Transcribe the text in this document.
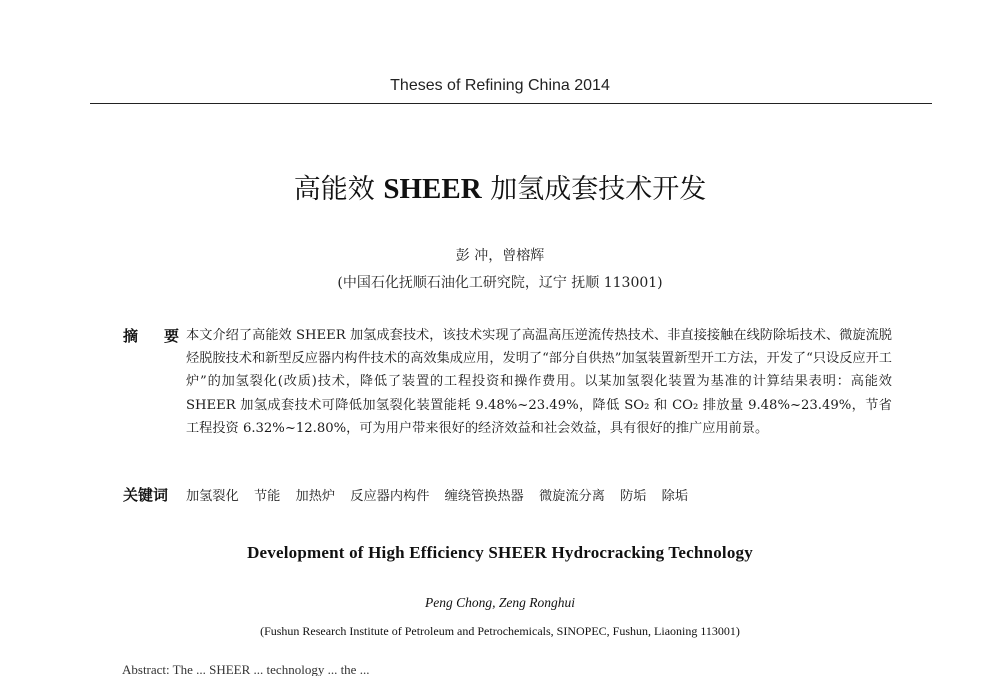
Theses of Refining China 2014
高能效 SHEER 加氢成套技术开发
彭 冲，曾榕辉
(中国石化抚顺石油化工研究院，辽宁 抚顺 113001)
摘 要 本文介绍了高能效 SHEER 加氢成套技术，该技术实现了高温高压逆流传热技术、非直接接触在线防除垢技术、微旋流脱烃脱胺技术和新型反应器内构件技术的高效集成应用，发明了“部分自供热”加氢装置新型开工方法，开发了“只设反应开工炉”的加氢裂化(改质)技术，降低了装置的工程投资和操作费用。以某加氢裂化装置为基准的计算结果表明：高能效 SHEER 加氢成套技术可降低加氢裂化装置能耗 9.48%~23.49%，降低 SO₂ 和 CO₂ 排放量 9.48%~23.49%，节省工程投资 6.32%~12.80%，可为用户带来很好的经济效益和社会效益，具有很好的推广应用前景。
关键词	加氢裂化 节能 加热炉 反应器内构件 缠绕管换热器 微旋流分离 防垢 除垢
Development of High Efficiency SHEER Hydrocracking Technology
Peng Chong, Zeng Ronghui
(Fushun Research Institute of Petroleum and Petrochemicals, SINOPEC, Fushun, Liaoning 113001)
Abstract: The ... SHEER ... technology ... the ...
